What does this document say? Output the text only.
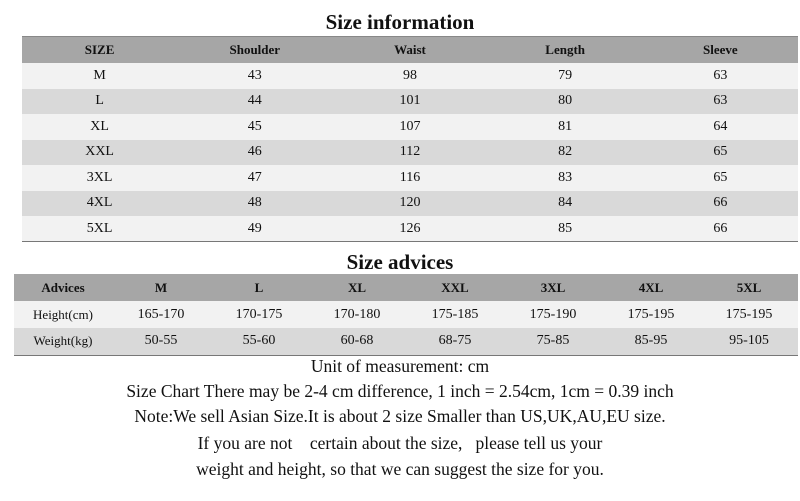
Size information
SIZE	Shoulder	Waist	Length	Sleeve
M	43	98	79	63
L	44	101	80	63
XL	45	107	81	64
XXL	46	112	82	65
3XL	47	116	83	65
4XL	48	120	84	66
5XL	49	126	85	66
Size advices
Advices	M	L	XL	XXL	3XL	4XL	5XL
Height(cm)	165-170	170-175	170-180	175-185	175-190	175-195	175-195
Weight(kg)	50-55	55-60	60-68	68-75	75-85	85-95	95-105
Unit of measurement: cm
Size Chart There may be 2-4 cm difference, 1 inch = 2.54cm, 1cm = 0.39 inch
Note:We sell Asian Size.It is about 2 size Smaller than US,UK,AU,EU size.
If you are not    certain about the size,   please tell us your
weight and height, so that we can suggest the size for you.
